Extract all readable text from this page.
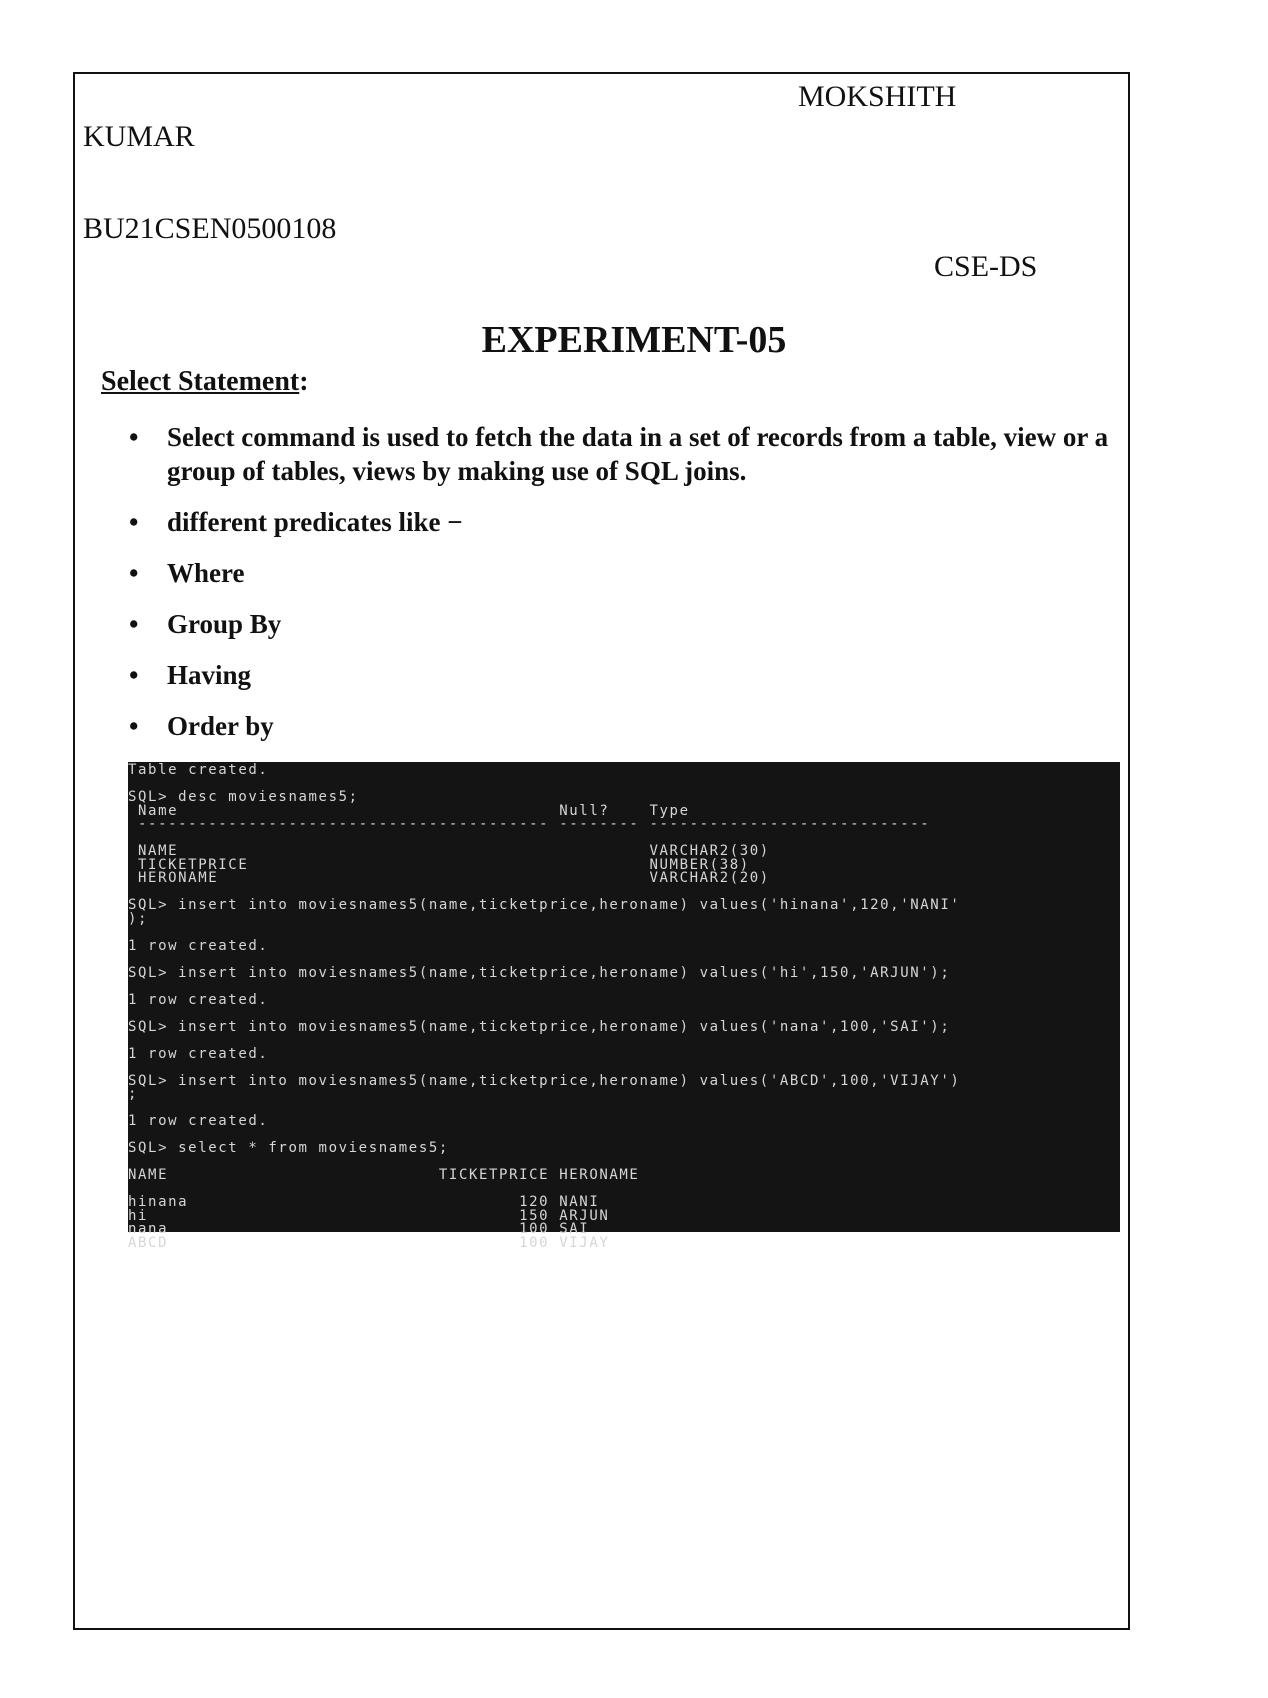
MOKSHITH
KUMAR
BU21CSEN0500108
CSE-DS
EXPERIMENT-05
Select Statement:
• Select command is used to fetch the data in a set of records from a table, view or a group of tables, views by making use of SQL joins.
• different predicates like −
• Where
• Group By
• Having
• Order by
Table created.

SQL> desc moviesnames5;
Name                                      Null?    Type
----------------------------------------- -------- ----------------------------

NAME                                               VARCHAR2(30)
TICKETPRICE                                        NUMBER(38)
HERONAME                                           VARCHAR2(20)

SQL> insert into moviesnames5(name,ticketprice,heroname) values('hinana',120,'NANI'
);

1 row created.

SQL> insert into moviesnames5(name,ticketprice,heroname) values('hi',150,'ARJUN');

1 row created.

SQL> insert into moviesnames5(name,ticketprice,heroname) values('nana',100,'SAI');

1 row created.

SQL> insert into moviesnames5(name,ticketprice,heroname) values('ABCD',100,'VIJAY')
;

1 row created.

SQL> select * from moviesnames5;

NAME                           TICKETPRICE HERONAME

hinana                                 120 NANI
hi                                     150 ARJUN
nana                                   100 SAI
ABCD                                   100 VIJAY
